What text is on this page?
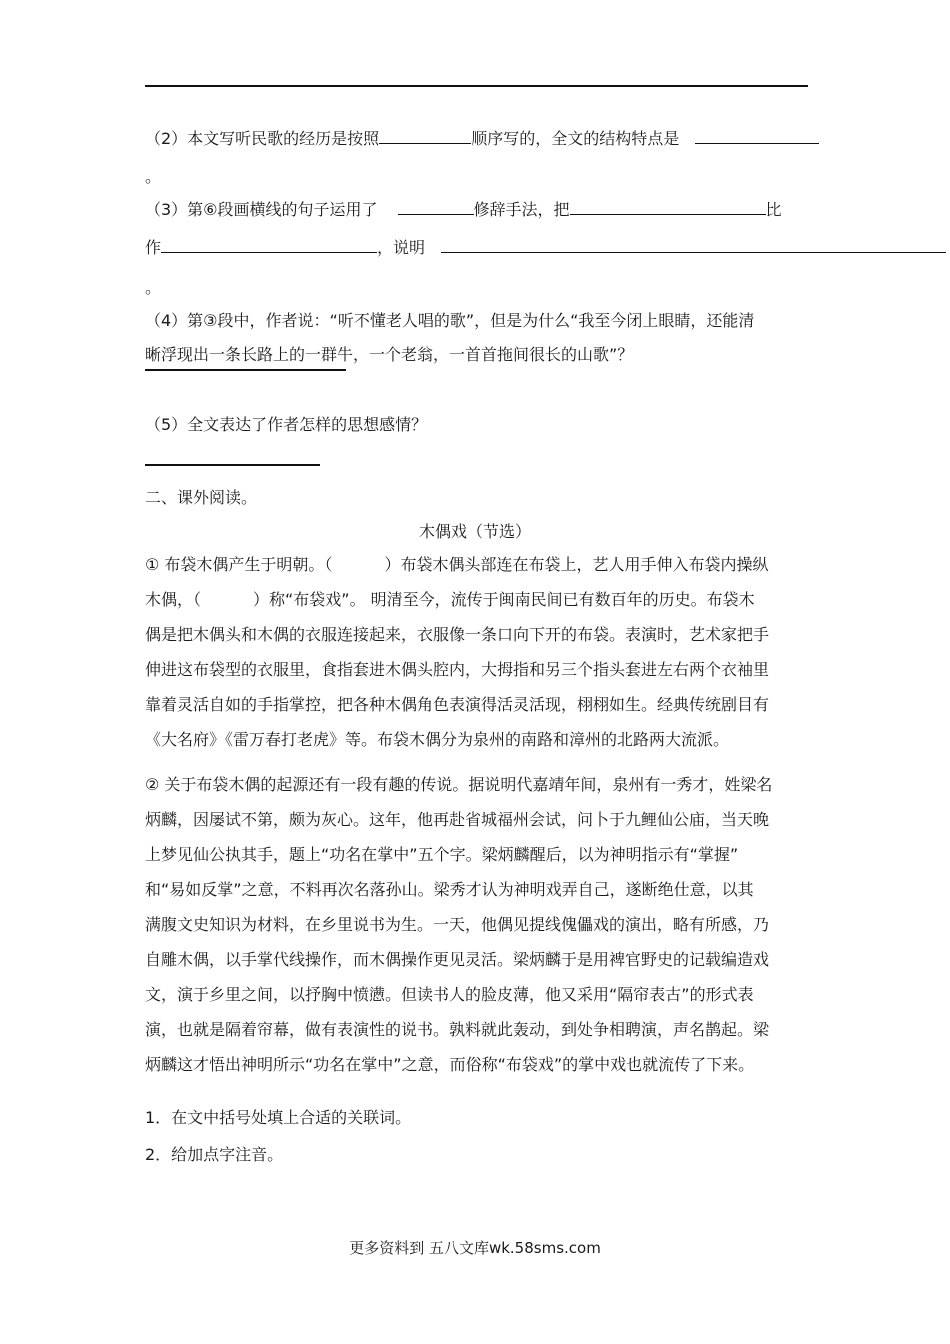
（2）本文写听民歌的经历是按照	顺序写的，全文的结构特点是
。
（3）第⑥段画横线的句子运用了	修辞手法，把	比
作	，说明
。
（4）第③段中，作者说：“听不懂老人唱的歌”，但是为什么“我至今闭上眼睛，还能清
晰浮现出一条长路上的一群牛，一个老翁，一首首拖间很长的山歌”？
（5）全文表达了作者怎样的思想感情？
二、课外阅读。
木偶戏（节选）
① 布袋木偶产生于明朝。（	）布袋木偶头部连在布袋上，艺人用手伸入布袋内操纵
木偶，（	）称“布袋戏”。 明清至今，流传于闽南民间已有数百年的历史。布袋木
偶是把木偶头和木偶的衣服连接起来，衣服像一条口向下开的布袋。表演时，艺术家把手
伸进这布袋型的衣服里，食指套进木偶头腔内，大拇指和另三个指头套进左右两个衣袖里
靠着灵活自如的手指掌控，把各种木偶角色表演得活灵活现，栩栩如生。经典传统剧目有
《大名府》《雷万春打老虎》等。布袋木偶分为泉州的南路和漳州的北路两大流派。
② 关于布袋木偶的起源还有一段有趣的传说。据说明代嘉靖年间，泉州有一秀才，姓梁名
炳麟，因屡试不第，颇为灰心。这年，他再赴省城福州会试，问卜于九鲤仙公庙，当天晚
上梦见仙公执其手，题上“功名在掌中”五个字。梁炳麟醒后，以为神明指示有“掌握”
和“易如反掌”之意，不料再次名落孙山。梁秀才认为神明戏弄自己，遂断绝仕意，以其
满腹文史知识为材料，在乡里说书为生。一天，他偶见提线傀儡戏的演出，略有所感，乃
自雕木偶，以手掌代线操作，而木偶操作更见灵活。梁炳麟于是用裨官野史的记载编造戏
文，演于乡里之间，以抒胸中愤懑。但读书人的脸皮薄，他又采用“隔帘表古”的形式表
演，也就是隔着帘幕，做有表演性的说书。孰料就此轰动，到处争相聘演，声名鹊起。梁
炳麟这才悟出神明所示“功名在掌中”之意，而俗称“布袋戏”的掌中戏也就流传了下来。
1．在文中括号处填上合适的关联词。
2．给加点字注音。
更多资料到 五八文库wk.58sms.com
